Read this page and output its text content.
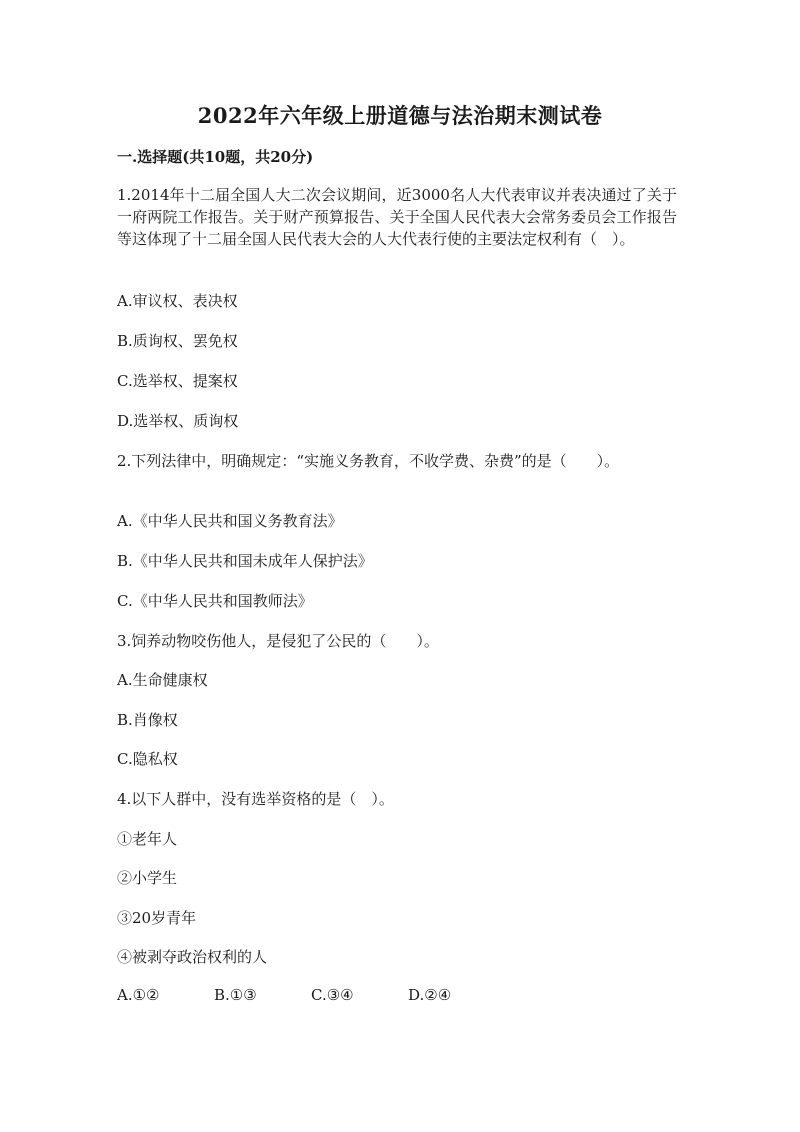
2022年六年级上册道德与法治期末测试卷
一.选择题(共10题，共20分)
1.2014年十二届全国人大二次会议期间，近3000名人大代表审议并表决通过了关于一府两院工作报告。关于财产预算报告、关于全国人民代表大会常务委员会工作报告等这体现了十二届全国人民代表大会的人大代表行使的主要法定权利有（　）。
A.审议权、表决权
B.质询权、罢免权
C.选举权、提案权
D.选举权、质询权
2.下列法律中，明确规定：“实施义务教育，不收学费、杂费”的是（　　）。
A.《中华人民共和国义务教育法》
B.《中华人民共和国未成年人保护法》
C.《中华人民共和国教师法》
3.饲养动物咬伤他人，是侵犯了公民的（　　）。
A.生命健康权
B.肖像权
C.隐私权
4.以下人群中，没有选举资格的是（　）。
①老年人
②小学生
③20岁青年
④被剥夺政治权利的人
A.①②	B.①③	C.③④	D.②④
